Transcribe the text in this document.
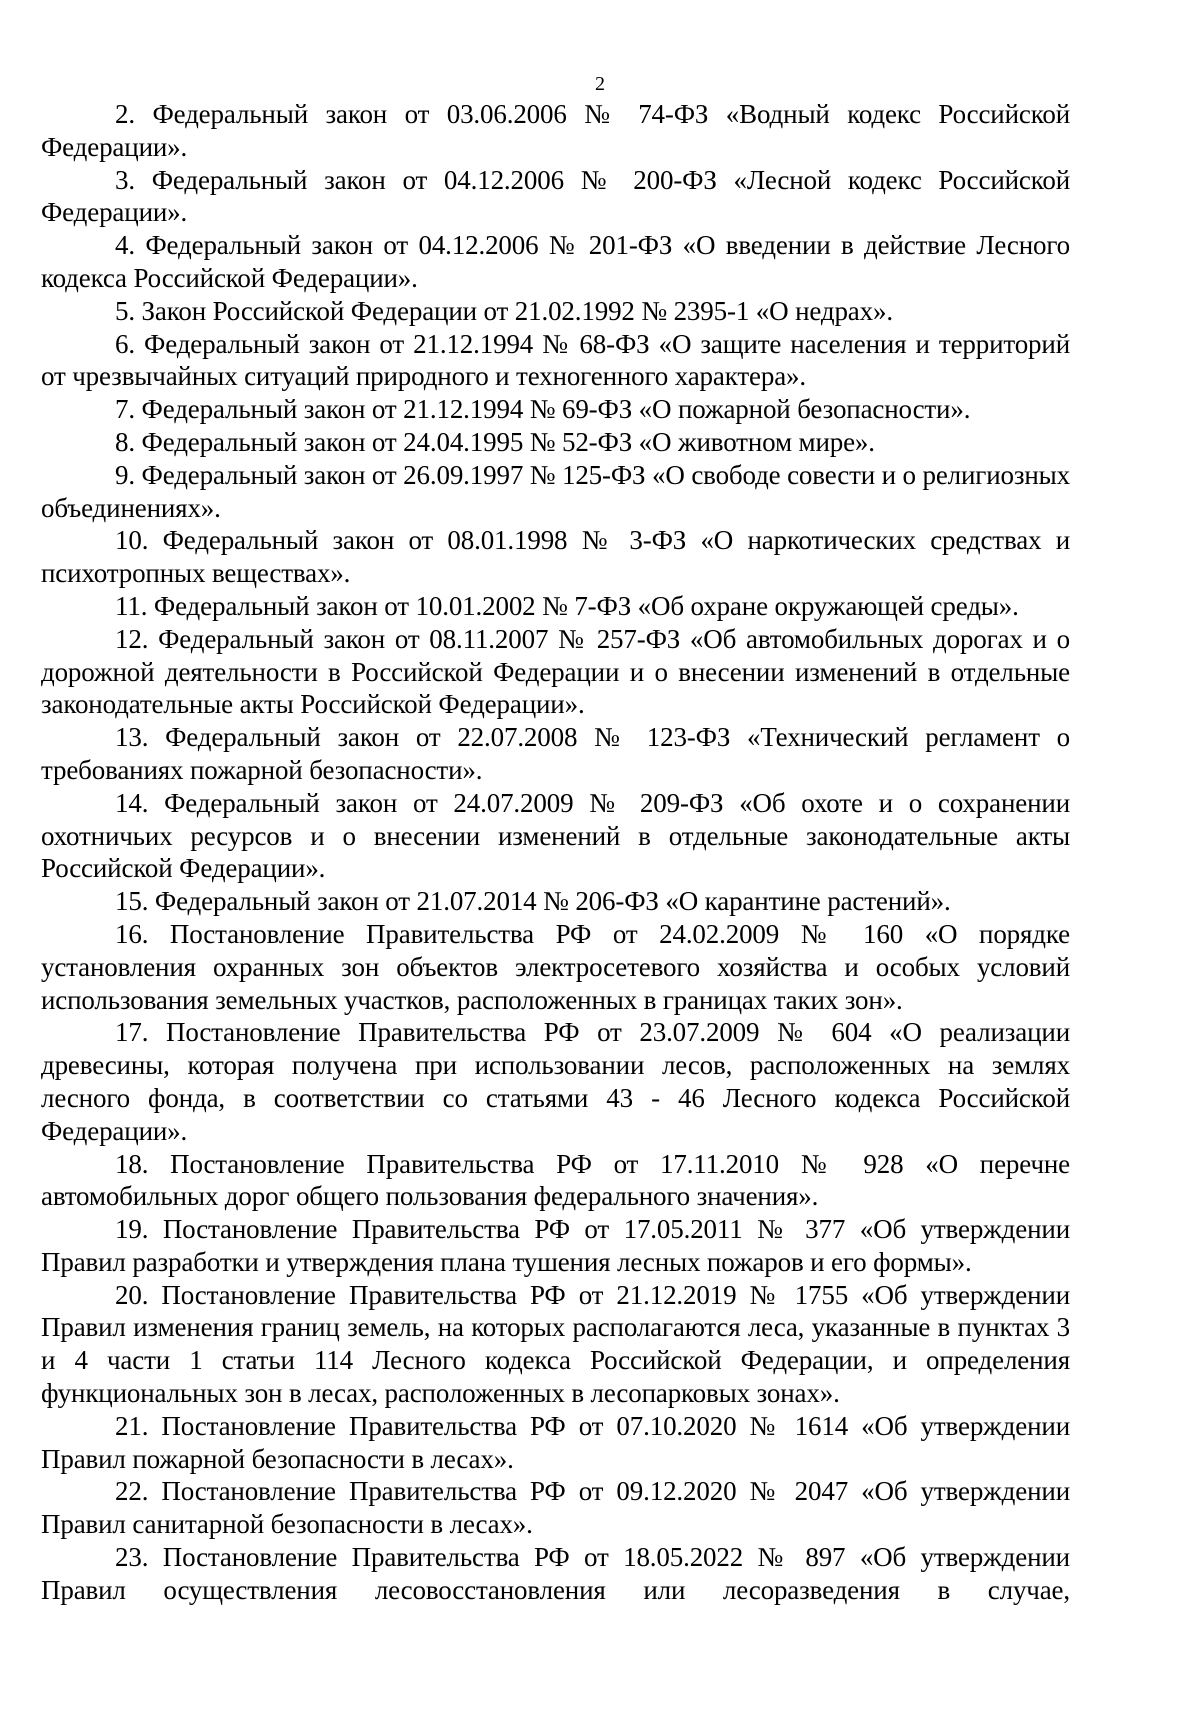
2

2. Федеральный закон от 03.06.2006 № 74-ФЗ «Водный кодекс Российской Федерации».

3. Федеральный закон от 04.12.2006 № 200-ФЗ «Лесной кодекс Российской Федерации».

4. Федеральный закон от 04.12.2006 № 201-ФЗ «О введении в действие Лесного кодекса Российской Федерации».

5. Закон Российской Федерации от 21.02.1992 № 2395-1 «О недрах».

6. Федеральный закон от 21.12.1994 № 68-ФЗ «О защите населения и территорий от чрезвычайных ситуаций природного и техногенного характера».

7. Федеральный закон от 21.12.1994 № 69-ФЗ «О пожарной безопасности».

8. Федеральный закон от 24.04.1995 № 52-ФЗ «О животном мире».

9. Федеральный закон от 26.09.1997 № 125-ФЗ «О свободе совести и о религиозных объединениях».

10. Федеральный закон от 08.01.1998 № 3-ФЗ «О наркотических средствах и психотропных веществах».

11. Федеральный закон от 10.01.2002 № 7-ФЗ «Об охране окружающей среды».

12. Федеральный закон от 08.11.2007 № 257-ФЗ «Об автомобильных дорогах и о дорожной деятельности в Российской Федерации и о внесении изменений в отдельные законодательные акты Российской Федерации».

13. Федеральный закон от 22.07.2008 № 123-ФЗ «Технический регламент о требованиях пожарной безопасности».

14. Федеральный закон от 24.07.2009 № 209-ФЗ «Об охоте и о сохранении охотничьих ресурсов и о внесении изменений в отдельные законодательные акты Российской Федерации».

15. Федеральный закон от 21.07.2014 № 206-ФЗ «О карантине растений».

16. Постановление Правительства РФ от 24.02.2009 № 160 «О порядке установления охранных зон объектов электросетевого хозяйства и особых условий использования земельных участков, расположенных в границах таких зон».

17. Постановление Правительства РФ от 23.07.2009 № 604 «О реализации древесины, которая получена при использовании лесов, расположенных на землях лесного фонда, в соответствии со статьями 43 - 46 Лесного кодекса Российской Федерации».

18. Постановление Правительства РФ от 17.11.2010 № 928 «О перечне автомобильных дорог общего пользования федерального значения».

19. Постановление Правительства РФ от 17.05.2011 № 377 «Об утверждении Правил разработки и утверждения плана тушения лесных пожаров и его формы».

20. Постановление Правительства РФ от 21.12.2019 № 1755 «Об утверждении Правил изменения границ земель, на которых располагаются леса, указанные в пунктах 3 и 4 части 1 статьи 114 Лесного кодекса Российской Федерации, и определения функциональных зон в лесах, расположенных в лесопарковых зонах».

21. Постановление Правительства РФ от 07.10.2020 № 1614 «Об утверждении Правил пожарной безопасности в лесах».

22. Постановление Правительства РФ от 09.12.2020 № 2047 «Об утверждении Правил санитарной безопасности в лесах».

23. Постановление Правительства РФ от 18.05.2022 № 897 «Об утверждении Правил осуществления лесовосстановления или лесоразведения в случае,
